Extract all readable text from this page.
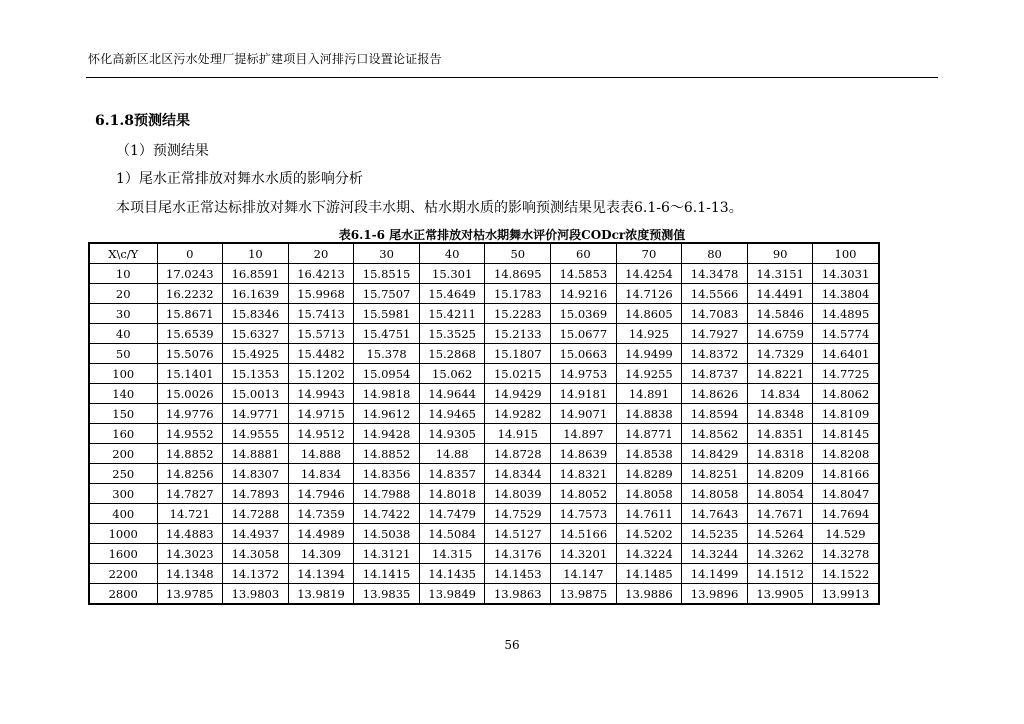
怀化高新区北区污水处理厂提标扩建项目入河排污口设置论证报告
6.1.8预测结果
（1）预测结果
1）尾水正常排放对舞水水质的影响分析
本项目尾水正常达标排放对舞水下游河段丰水期、枯水期水质的影响预测结果见表表6.1-6～6.1-13。
表6.1-6 尾水正常排放对枯水期舞水评价河段CODcr浓度预测值
X\c/Y	0	10	20	30	40	50	60	70	80	90	100
10	17.0243	16.8591	16.4213	15.8515	15.301	14.8695	14.5853	14.4254	14.3478	14.3151	14.3031
20	16.2232	16.1639	15.9968	15.7507	15.4649	15.1783	14.9216	14.7126	14.5566	14.4491	14.3804
30	15.8671	15.8346	15.7413	15.5981	15.4211	15.2283	15.0369	14.8605	14.7083	14.5846	14.4895
40	15.6539	15.6327	15.5713	15.4751	15.3525	15.2133	15.0677	14.925	14.7927	14.6759	14.5774
50	15.5076	15.4925	15.4482	15.378	15.2868	15.1807	15.0663	14.9499	14.8372	14.7329	14.6401
100	15.1401	15.1353	15.1202	15.0954	15.062	15.0215	14.9753	14.9255	14.8737	14.8221	14.7725
140	15.0026	15.0013	14.9943	14.9818	14.9644	14.9429	14.9181	14.891	14.8626	14.834	14.8062
150	14.9776	14.9771	14.9715	14.9612	14.9465	14.9282	14.9071	14.8838	14.8594	14.8348	14.8109
160	14.9552	14.9555	14.9512	14.9428	14.9305	14.915	14.897	14.8771	14.8562	14.8351	14.8145
200	14.8852	14.8881	14.888	14.8852	14.88	14.8728	14.8639	14.8538	14.8429	14.8318	14.8208
250	14.8256	14.8307	14.834	14.8356	14.8357	14.8344	14.8321	14.8289	14.8251	14.8209	14.8166
300	14.7827	14.7893	14.7946	14.7988	14.8018	14.8039	14.8052	14.8058	14.8058	14.8054	14.8047
400	14.721	14.7288	14.7359	14.7422	14.7479	14.7529	14.7573	14.7611	14.7643	14.7671	14.7694
1000	14.4883	14.4937	14.4989	14.5038	14.5084	14.5127	14.5166	14.5202	14.5235	14.5264	14.529
1600	14.3023	14.3058	14.309	14.3121	14.315	14.3176	14.3201	14.3224	14.3244	14.3262	14.3278
2200	14.1348	14.1372	14.1394	14.1415	14.1435	14.1453	14.147	14.1485	14.1499	14.1512	14.1522
2800	13.9785	13.9803	13.9819	13.9835	13.9849	13.9863	13.9875	13.9886	13.9896	13.9905	13.9913
56
